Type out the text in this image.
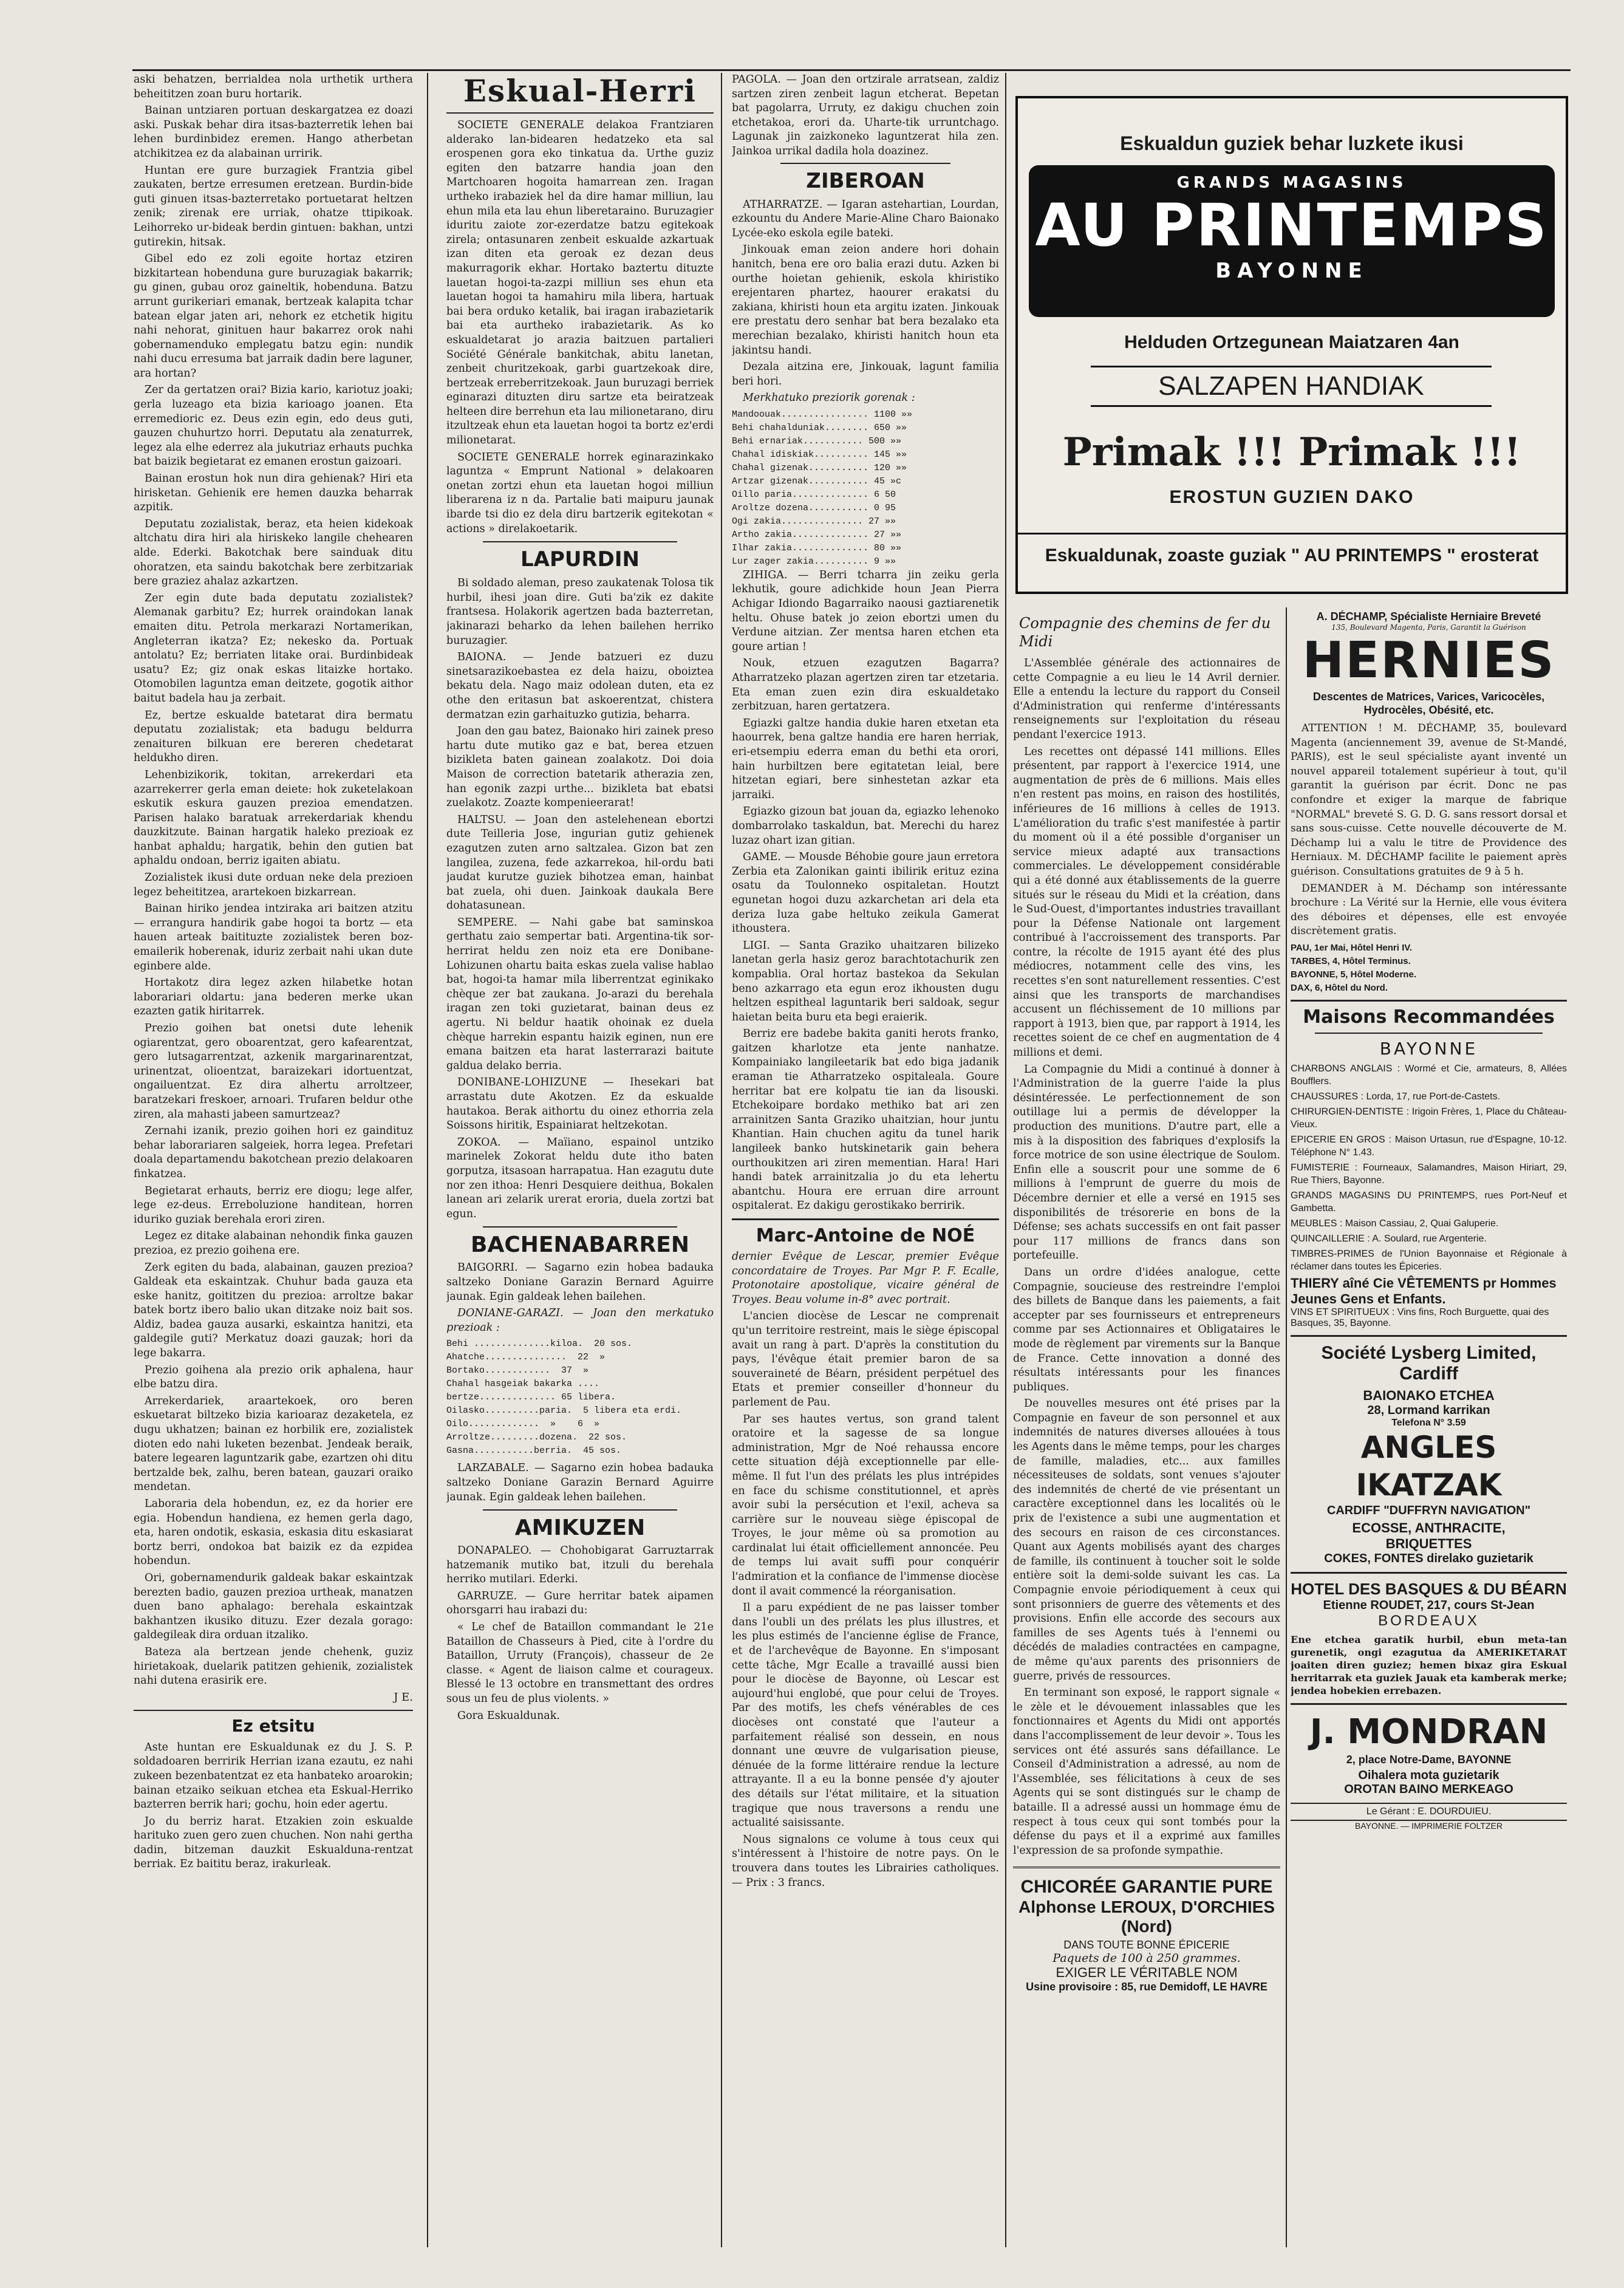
aski behatzen, berrialdea nola urthetik urthera beheititzen zoan buru hortarik.

Bainan untziaren portuan deskargatzea ez doazi aski. Puskak behar dira itsas-bazterretik lehen bai lehen burdinbidez eremen. Hango atherbetan atchikitzea ez da alabainan urririk.

Huntan ere gure burzagiek Frantzia gibel zaukaten, bertze erresumen eretzean. Burdin-bide guti ginuen itsas-bazterretako portuetarat heltzen zenik; zirenak ere urriak, ohatze ttipikoak. Leihorreko ur-bideak berdin gintuen: bakhan, untzi gutirekin, hitsak.

Gibel edo ez zoli egoite hortaz etziren bizkitartean hobenduna gure buruzagiak bakarrik; gu ginen, gubau oroz gaineltik, hobenduna. Batzu arrunt gurikeriari emanak, bertzeak kalapita tchar batean elgar jaten ari, nehork ez etchetik higitu nahi nehorat, ginituen haur bakarrez orok nahi gobernamenduko emplegatu batzu egin: nundik nahi ducu erresuma bat jarraik dadin bere laguner, ara hortan?

Zer da gertatzen orai? Bizia kario, kariotuz joaki; gerla luzeago eta bizia karioago joanen. Eta erremedioric ez. Deus ezin egin, edo deus guti, gauzen chuhurtzo horri. Deputatu ala zenaturrek, legez ala elhe ederrez ala jukutriaz erhauts puchka bat baizik begietarat ez emanen erostun gaizoari.

Bainan erostun hok nun dira gehienak? Hiri eta hirisketan. Gehienik ere hemen dauzka beharrak azpitik.

Deputatu zozialistak, beraz, eta heien kidekoak altchatu dira hiri ala hiriskeko langile chehearen alde. Ederki. Bakotchak bere sainduak ditu ohoratzen, eta saindu bakotchak bere zerbitzariak bere graziez ahalaz azkartzen.

Zer egin dute bada deputatu zozialistek? Alemanak garbitu? Ez; hurrek oraindokan lanak emaiten ditu. Petrola merkarazi Nortamerikan, Angleterran ikatza? Ez; nekesko da. Portuak antolatu? Ez; berriaten litake orai. Burdinbideak usatu? Ez; giz onak eskas litaizke hortako. Otomobilen laguntza eman deitzete, gogotik aithor baitut badela hau ja zerbait.

Ez, bertze eskualde batetarat dira bermatu deputatu zozialistak; eta badugu beldurra zenaituren bilkuan ere bereren chedetarat heldukho diren.

Lehenbizikorik, tokitan, arrekerdari eta azarrekerrer gerla eman deiete: hok zuketelakoan eskutik eskura gauzen prezioa emendatzen. Parisen halako baratuak arrekerdariak khendu dauzkitzute. Bainan hargatik haleko prezioak ez hanbat aphaldu; hargatik, behin den gutien bat aphaldu ondoan, berriz igaiten abiatu.

Zozialistek ikusi dute orduan neke dela prezioen legez beheititzea, arartekoen bizkarrean.

Bainan hiriko jendea intziraka ari baitzen atzitu — errangura handirik gabe hogoi ta bortz — eta hauen arteak baitituzte zozialistek beren boz-emailerik hoberenak, iduriz zerbait nahi ukan dute eginbere alde.

Hortakotz dira legez azken hilabetke hotan laborariari oldartu: jana bederen merke ukan ezazten gatik hiritarrek.

Prezio goihen bat onetsi dute lehenik ogiarentzat, gero oboarentzat, gero kafearentzat, gero lutsagarrentzat, azkenik margarinarentzat, urinentzat, olioentzat, baraizekari idortuentzat, ongailuentzat. Ez dira alhertu arroltzeer, baratzekari freskoer, arnoari. Trufaren beldur othe ziren, ala mahasti jabeen samurtzeaz?

Zernahi izanik, prezio goihen hori ez gaindituz behar laborariaren salgeiek, horra legea. Prefetari doala departamendu bakotchean prezio delakoaren finkatzea.

Begietarat erhauts, berriz ere diogu; lege alfer, lege ez-deus. Erreboluzione handitean, horren iduriko guziak berehala erori ziren.

Legez ez ditake alabainan nehondik finka gauzen prezioa, ez prezio goihena ere.

Zerk egiten du bada, alabainan, gauzen prezioa? Galdeak eta eskaintzak. Chuhur bada gauza eta eske hanitz, goititzen du prezioa: arroltze bakar batek bortz ibero balio ukan ditzake noiz bait sos. Aldiz, badea gauza ausarki, eskaintza hanitzi, eta galdegile guti? Merkatuz doazi gauzak; hori da lege bakarra.

Prezio goihena ala prezio orik aphalena, haur elbe batzu dira.

Arrekerdariek, araartekoek, oro beren eskuetarat biltzeko bizia karioaraz dezaketela, ez dugu ukhatzen; bainan ez horbilik ere, zozialistek dioten edo nahi luketen bezenbat. Jendeak beraik, batere legearen laguntzarik gabe, ezartzen ohi ditu bertzalde bek, zalhu, beren batean, gauzari oraiko mendetan.

Laboraria dela hobendun, ez, ez da horier ere egia. Hobendun handiena, ez hemen gerla dago, eta, haren ondotik, eskasia, eskasia ditu eskasiarat bortz berri, ondokoa bat baizik ez da ezpidea hobendun.

Ori, gobernamendurik galdeak bakar eskaintzak berezten badio, gauzen prezioa urtheak, manatzen duen bano aphalago: berehala eskaintzak bakhantzen ikusiko dituzu. Ezer dezala gorago: galdegileak dira orduan itzaliko.

Bateza ala bertzean jende chehenk, guziz hirietakoak, duelarik patitzen gehienik, zozialistek nahi dutena erasirik ere.

J E.
Ez etsitu

Aste huntan ere Eskualdunak ez du J. S. P. soldadoaren berririk Herrian izana ezautu, ez nahi zukeen bezenbatentzat ez eta hanbateko aroarokin; bainan etzaiko seikuan etchea eta Eskual-Herriko bazterren berrik hari; gochu, hoin eder agertu.

Jo du berriz harat. Etzakien zoin eskualde harituko zuen gero zuen chuchen. Non nahi gertha dadin, bitzeman dauzkit Eskualduna-rentzat berriak. Ez baititu beraz, irakurleak.

Eskual-Herri

SOCIETE GENERALE delakoa Frantziaren alderako lan-bidearen hedatzeko eta sal erospenen gora eko tinkatua da. Urthe guziz egiten den batzarre handia joan den Martchoaren hogoita hamarrean zen. Iragan urtheko irabaziek hel da dire hamar milliun, lau ehun mila eta lau ehun liberetaraino. Buruzagier iduritu zaiote zor-ezerdatze batzu egitekoak zirela; ontasunaren zenbeit eskualde azkartuak izan diten eta geroak ez dezan deus makurragorik ekhar. Hortako baztertu dituzte lauetan hogoi-ta-zazpi milliun ses ehun eta lauetan hogoi ta hamahiru mila libera, hartuak bai bera orduko ketalik, bai iragan irabazietarik bai eta aurtheko irabazietarik. As ko eskualdetarat jo arazia baitzuen partalieri Société Générale bankitchak, abitu lanetan, zenbeit churitzekoak, garbi guartzekoak dire, bertzeak erreberritzekoak. Jaun buruzagi berriek eginarazi dituzten diru sartze eta beiratzeak helteen dire berrehun eta lau milionetarano, diru itzultzeak ehun eta lauetan hogoi ta bortz ez'erdi milionetarat.

SOCIETE GENERALE horrek eginarazinkako laguntza « Emprunt National » delakoaren onetan zortzi ehun eta lauetan hogoi milliun liberarena iz n da. Partalie bati maipuru jaunak ibarde tsi dio ez dela diru bartzerik egitekotan « actions » direlakoetarik.

LAPURDIN

Bi soldado aleman, preso zaukatenak Tolosa tik hurbil, ihesi joan dire. Guti ba'zik ez dakite frantsesa. Holakorik agertzen bada bazterretan, jakinarazi beharko da lehen bailehen herriko buruzagier.

BAIONA. — Jende batzueri ez duzu sinetsarazikoebastea ez dela haizu, oboiztea bekatu dela. Nago maiz odolean duten, eta ez othe den eritasun bat askoerentzat, chistera dermatzan ezin garhaituzko gutizia, beharra.

Joan den gau batez, Baionako hiri zainek preso hartu dute mutiko gaz e bat, berea etzuen bizikleta baten gainean zoalakotz. Doi doia Maison de correction batetarik atherazia zen, han egonik zazpi urthe... bizikleta bat ebatsi zuelakotz. Zoazte kompenieerarat!

HALTSU. — Joan den astelehenean ebortzi dute Teilleria Jose, ingurian gutiz gehienek ezagutzen zuten arno saltzalea. Gizon bat zen langilea, zuzena, fede azkarrekoa, hil-ordu bati jaudat kurutze guziek bihotzea eman, hainbat bat zuela, ohi duen. Jainkoak daukala Bere dohatasunean.

SEMPERE. — Nahi gabe bat saminskoa gerthatu zaio sempertar bati. Argentina-tik sor-herrirat heldu zen noiz eta ere Donibane-Lohizunen ohartu baita eskas zuela valise hablao bat, hogoi-ta hamar mila liberrentzat eginikako chèque zer bat zaukana. Jo-arazi du berehala iragan zen toki guzietarat, bainan deus ez agertu. Ni beldur haatik ohoinak ez duela chèque harrekin espantu haizik eginen, nun ere emana baitzen eta harat lasterrarazi baitute galdua delako berria.

DONIBANE-LOHIZUNE — Ihesekari bat arrastatu dute Akotzen. Ez da eskualde hautakoa. Berak aithortu du oinez ethorria zela Soissons hiritik, Espainiarat heltzekotan.

ZOKOA. — Maïiano, espainol untziko marinelek Zokorat heldu dute itho baten gorputza, itsasoan harrapatua. Han ezagutu dute nor zen ithoa: Henri Desquiere deithua, Bokalen lanean ari zelarik urerat eroria, duela zortzi bat egun.

BACHENABARREN

BAIGORRI. — Sagarno ezin hobea badauka saltzeko Doniane Garazin Bernard Aguirre jaunak. Egin galdeak lehen bailehen.

DONIANE-GARAZI. — Joan den merkatuko prezioak :

Behi ..............kiloa.  20 sos.
Ahatche...............  22  »
Bortako............  37  »
Chahal hasgeiak bakarka ....
bertze.............. 65 libera.
Oilasko..........paria.  5 libera eta erdi.
Oilo.............  »    6  »
Arroltze.........dozena.  22 sos.
Gasna...........berria.  45 sos.

LARZABALE. — Sagarno ezin hobea badauka saltzeko Doniane Garazin Bernard Aguirre jaunak. Egin galdeak lehen bailehen.

AMIKUZEN

DONAPALEO. — Chohobigarat Garruztarrak hatzemanik mutiko bat, itzuli du berehala herriko mutilari. Ederki.

GARRUZE. — Gure herritar batek aipamen ohorsgarri hau irabazi du:

« Le chef de Bataillon commandant le 21e Bataillon de Chasseurs à Pied, cite à l'ordre du Bataillon, Urruty (François), chasseur de 2e classe. « Agent de liaison calme et courageux. Blessé le 13 octobre en transmettant des ordres sous un feu de plus violents. »

Gora Eskualdunak.

PAGOLA. — Joan den ortzirale arratsean, zaldiz sartzen ziren zenbeit lagun etcherat. Bepetan bat pagolarra, Urruty, ez dakigu chuchen zoin etchetakoa, erori da. Uharte-tik urruntchago. Lagunak jin zaizkoneko laguntzerat hila zen. Jainkoa urrikal dadila hola doazinez.

ZIBEROAN

ATHARRATZE. — Igaran astehartian, Lourdan, ezkountu du Andere Marie-Aline Charo Baionako Lycée-eko eskola egile bateki.

Jinkouak eman zeion andere hori dohain hanitch, bena ere oro balia erazi dutu. Azken bi ourthe hoietan gehienik, eskola khiristiko erejentaren phartez, haourer erakatsi du zakiana, khiristi houn eta argitu izaten. Jinkouak ere prestatu dero senhar bat bera bezalako eta merechian bezalako, khiristi hanitch houn eta jakintsu handi.

Dezala aitzina ere, Jinkouak, lagunt familia beri hori.

Merkhatuko preziorik gorenak :

Mandoouak................ 1100 »»
Behi chahalduniak........ 650 »»
Behi ernariak........... 500 »»
Chahal idiskiak.......... 145 »»
Chahal gizenak........... 120 »»
Artzar gizenak........... 45 »c
Oillo paria.............. 6 50
Aroltze dozena........... 0 95
Ogi zakia............... 27 »»
Artho zakia.............. 27 »»
Ilhar zakia.............. 80 »»
Lur zager zakia.......... 9 »»

ZIHIGA. — Berri tcharra jin zeiku gerla lekhutik, goure adichkide houn Jean Pierra Achigar Idiondo Bagarraiko naousi gaztiarenetik heltu. Ohuse batek jo zeion ebortzi umen du Verdune aitzian. Zer mentsa haren etchen eta goure artian !

Nouk, etzuen ezagutzen Bagarra? Atharratzeko plazan agertzen ziren tar etzetaria. Eta eman zuen ezin dira eskualdetako zerbitzuan, haren gertatzera.

Egiazki galtze handia dukie haren etxetan eta haourrek, bena galtze handia ere haren herriak, eri-etsempiu ederra eman du bethi eta orori, hain hurbiltzen bere egitatetan leial, bere hitzetan egiari, bere sinhestetan azkar eta jarraiki.

Egiazko gizoun bat jouan da, egiazko lehenoko dombarrolako taskaldun, bat. Merechi du harez luzaz ohart izan gitian.

GAME. — Mousde Béhobie goure jaun erretora Zerbia eta Zalonikan gainti ibilirik erituz ezina osatu da Toulonneko ospitaletan. Houtzt egunetan hogoi duzu azkarchetan ari dela eta deriza luza gabe heltuko zeikula Gamerat ithoustera.

LIGI. — Santa Graziko uhaitzaren bilizeko lanetan gerla hasiz geroz barachtotachurik zen kompablia. Oral hortaz bastekoa da Sekulan beno azkarrago eta egun eroz ikhousten dugu heltzen espitheal laguntarik beri saldoak, segur haietan beita buru eta begi eraierik.

Berriz ere badebe bakita ganiti herots franko, gaitzen kharlotze eta jente nanhatze. Kompainiako langileetarik bat edo biga jadanik eraman tie Atharratzeko ospitaleala. Goure herritar bat ere kolpatu tie ian da lisouski. Etchekoipare bordako methiko bat ari zen arrainitzen Santa Graziko uhaitzian, hour juntu Khantian. Hain chuchen agitu da tunel harik langileek banko hutskinetarik gain behera ourthoukitzen ari ziren mementian. Hara! Hari handi batek arrainitzalia jo du eta lehertu abantchu. Houra ere erruan dire arrount ospitalerat. Ez dakigu gerostikako berririk.

Marc-Antoine de NOÉ

dernier Evêque de Lescar, premier Evêque concordataire de Troyes. Par Mgr P. F. Ecalle, Protonotaire apostolique, vicaire général de Troyes. Beau volume in-8° avec portrait.

L'ancien diocèse de Lescar ne comprenait qu'un territoire restreint, mais le siège épiscopal avait un rang à part. D'après la constitution du pays, l'évêque était premier baron de sa souveraineté de Béarn, président perpétuel des Etats et premier conseiller d'honneur du parlement de Pau.

Par ses hautes vertus, son grand talent oratoire et la sagesse de sa longue administration, Mgr de Noé rehaussa encore cette situation déjà exceptionnelle par elle-même. Il fut l'un des prélats les plus intrépides en face du schisme constitutionnel, et après avoir subi la persécution et l'exil, acheva sa carrière sur le nouveau siège épiscopal de Troyes, le jour même où sa promotion au cardinalat lui était officiellement annoncée. Peu de temps lui avait suffi pour conquérir l'admiration et la confiance de l'immense diocèse dont il avait commencé la réorganisation.

Il a paru expédient de ne pas laisser tomber dans l'oubli un des prélats les plus illustres, et les plus estimés de l'ancienne église de France, et de l'archevêque de Bayonne. En s'imposant cette tâche, Mgr Ecalle a travaillé aussi bien pour le diocèse de Bayonne, où Lescar est aujourd'hui englobé, que pour celui de Troyes. Par des motifs, les chefs vénérables de ces diocèses ont constaté que l'auteur a parfaitement réalisé son dessein, en nous donnant une œuvre de vulgarisation pieuse, dénuée de la forme littéraire rendue la lecture attrayante. Il a eu la bonne pensée d'y ajouter des détails sur l'état militaire, et la situation tragique que nous traversons a rendu une actualité saisissante.

Nous signalons ce volume à tous ceux qui s'intéressent à l'histoire de notre pays. On le trouvera dans toutes les Librairies catholiques. — Prix : 3 francs.

Eskualdun guziek behar luzkete ikusi
GRANDS MAGASINS
AU PRINTEMPS
BAYONNE
Helduden Ortzegunean Maiatzaren 4an
SALZAPEN HANDIAK
Primak !!! Primak !!!
EROSTUN GUZIEN DAKO
Eskualdunak, zoaste guziak " AU PRINTEMPS " erosterat
Compagnie des chemins de fer du Midi

L'Assemblée générale des actionnaires de cette Compagnie a eu lieu le 14 Avril dernier. Elle a entendu la lecture du rapport du Conseil d'Administration qui renferme d'intéressants renseignements sur l'exploitation du réseau pendant l'exercice 1913.

Les recettes ont dépassé 141 millions. Elles présentent, par rapport à l'exercice 1914, une augmentation de près de 6 millions. Mais elles n'en restent pas moins, en raison des hostilités, inférieures de 16 millions à celles de 1913. L'amélioration du trafic s'est manifestée à partir du moment où il a été possible d'organiser un service mieux adapté aux transactions commerciales. Le développement considérable qui a été donné aux établissements de la guerre situés sur le réseau du Midi et la création, dans le Sud-Ouest, d'importantes industries travaillant pour la Défense Nationale ont largement contribué à l'accroissement des transports. Par contre, la récolte de 1915 ayant été des plus médiocres, notamment celle des vins, les recettes s'en sont naturellement ressenties. C'est ainsi que les transports de marchandises accusent un fléchissement de 10 millions par rapport à 1913, bien que, par rapport à 1914, les recettes soient de ce chef en augmentation de 4 millions et demi.

La Compagnie du Midi a continué à donner à l'Administration de la guerre l'aide la plus désintéressée. Le perfectionnement de son outillage lui a permis de développer la production des munitions. D'autre part, elle a mis à la disposition des fabriques d'explosifs la force motrice de son usine électrique de Soulom. Enfin elle a souscrit pour une somme de 6 millions à l'emprunt de guerre du mois de Décembre dernier et elle a versé en 1915 ses disponibilités de trésorerie en bons de la Défense; ses achats successifs en ont fait passer pour 117 millions de francs dans son portefeuille.

Dans un ordre d'idées analogue, cette Compagnie, soucieuse des restreindre l'emploi des billets de Banque dans les paiements, a fait accepter par ses fournisseurs et entrepreneurs comme par ses Actionnaires et Obligataires le mode de règlement par virements sur la Banque de France. Cette innovation a donné des résultats intéressants pour les finances publiques.

De nouvelles mesures ont été prises par la Compagnie en faveur de son personnel et aux indemnités de natures diverses allouées à tous les Agents dans le même temps, pour les charges de famille, maladies, etc... aux familles nécessiteuses de soldats, sont venues s'ajouter des indemnités de cherté de vie présentant un caractère exceptionnel dans les localités où le prix de l'existence a subi une augmentation et des secours en raison de ces circonstances. Quant aux Agents mobilisés ayant des charges de famille, ils continuent à toucher soit le solde entière soit la demi-solde suivant les cas. La Compagnie envoie périodiquement à ceux qui sont prisonniers de guerre des vêtements et des provisions. Enfin elle accorde des secours aux familles de ses Agents tués à l'ennemi ou décédés de maladies contractées en campagne, de même qu'aux parents des prisonniers de guerre, privés de ressources.

En terminant son exposé, le rapport signale « le zèle et le dévouement inlassables que les fonctionnaires et Agents du Midi ont apportés dans l'accomplissement de leur devoir ». Tous les services ont été assurés sans défaillance. Le Conseil d'Administration a adressé, au nom de l'Assemblée, ses félicitations à ceux de ses Agents qui se sont distingués sur le champ de bataille. Il a adressé aussi un hommage ému de respect à tous ceux qui sont tombés pour la défense du pays et il a exprimé aux familles l'expression de sa profonde sympathie.

CHICORÉE GARANTIE PURE
Alphonse LEROUX, D'ORCHIES (Nord)
DANS TOUTE BONNE ÉPICERIE
Paquets de 100 à 250 grammes.
EXIGER LE VÉRITABLE NOM
Usine provisoire : 85, rue Demidoff, LE HAVRE
A. DÉCHAMP, Spécialiste Herniaire Breveté
135, Boulevard Magenta, Paris, Garantit la Guérison
HERNIES
Descentes de Matrices, Varices, Varicocèles, Hydrocèles, Obésité, etc.

ATTENTION ! M. DÉCHAMP, 35, boulevard Magenta (anciennement 39, avenue de St-Mandé, PARIS), est le seul spécialiste ayant inventé un nouvel appareil totalement supérieur à tout, qu'il garantit la guérison par écrit. Donc ne pas confondre et exiger la marque de fabrique "NORMAL" breveté S. G. D. G. sans ressort dorsal et sans sous-cuisse. Cette nouvelle découverte de M. Déchamp lui a valu le titre de Providence des Herniaux. M. DÉCHAMP facilite le paiement après guérison. Consultations gratuites de 9 à 5 h.

DEMANDER à M. Déchamp son intéressante brochure : La Vérité sur la Hernie, elle vous évitera des déboires et dépenses, elle est envoyée discrètement gratis.

PAU, 1er Mai, Hôtel Henri IV.
TARBES, 4, Hôtel Terminus.
BAYONNE, 5, Hôtel Moderne.
DAX, 6, Hôtel du Nord.
Maisons Recommandées
BAYONNE

CHARBONS ANGLAIS : Wormé et Cie, armateurs, 8, Allées Boufflers.

CHAUSSURES : Lorda, 17, rue Port-de-Castets.

CHIRURGIEN-DENTISTE : Irigoin Frères, 1, Place du Château-Vieux.

EPICERIE EN GROS : Maison Urtasun, rue d'Espagne, 10-12. Téléphone N° 1.43.

FUMISTERIE : Fourneaux, Salamandres, Maison Hiriart, 29, Rue Thiers, Bayonne.

GRANDS MAGASINS DU PRINTEMPS, rues Port-Neuf et Gambetta.

MEUBLES : Maison Cassiau, 2, Quai Galuperie.

QUINCAILLERIE : A. Soulard, rue Argenterie.

TIMBRES-PRIMES de l'Union Bayonnaise et Régionale à réclamer dans toutes les Épiceries.

THIERY aîné Cie VÊTEMENTS pr Hommes Jeunes Gens et Enfants.
VINS ET SPIRITUEUX : Vins fins, Roch Burguette, quai des Basques, 35, Bayonne.
Société Lysberg Limited, Cardiff
BAIONAKO ETCHEA
28, Lormand karrikan
Telefona N° 3.59
ANGLES IKATZAK
CARDIFF "DUFFRYN NAVIGATION"
ECOSSE, ANTHRACITE,
BRIQUETTES
COKES, FONTES direlako guzietarik
HOTEL DES BASQUES & DU BÉARN
Etienne ROUDET, 217, cours St-Jean
BORDEAUX

Ene etchea garatik hurbil, ebun meta-tan gurenetik, ongi ezagutua da AMERIKETARAT joaiten diren guziez; hemen bixaz gira Eskual herritarrak eta guziek Jauak eta kamberak merke; jendea hobekien errebazen.

J. MONDRAN
2, place Notre-Dame, BAYONNE
Oihalera mota guzietarik
OROTAN BAINO MERKEAGO
Le Gérant : E. DOURDUIEU.
BAYONNE. — IMPRIMERIE FOLTZER
